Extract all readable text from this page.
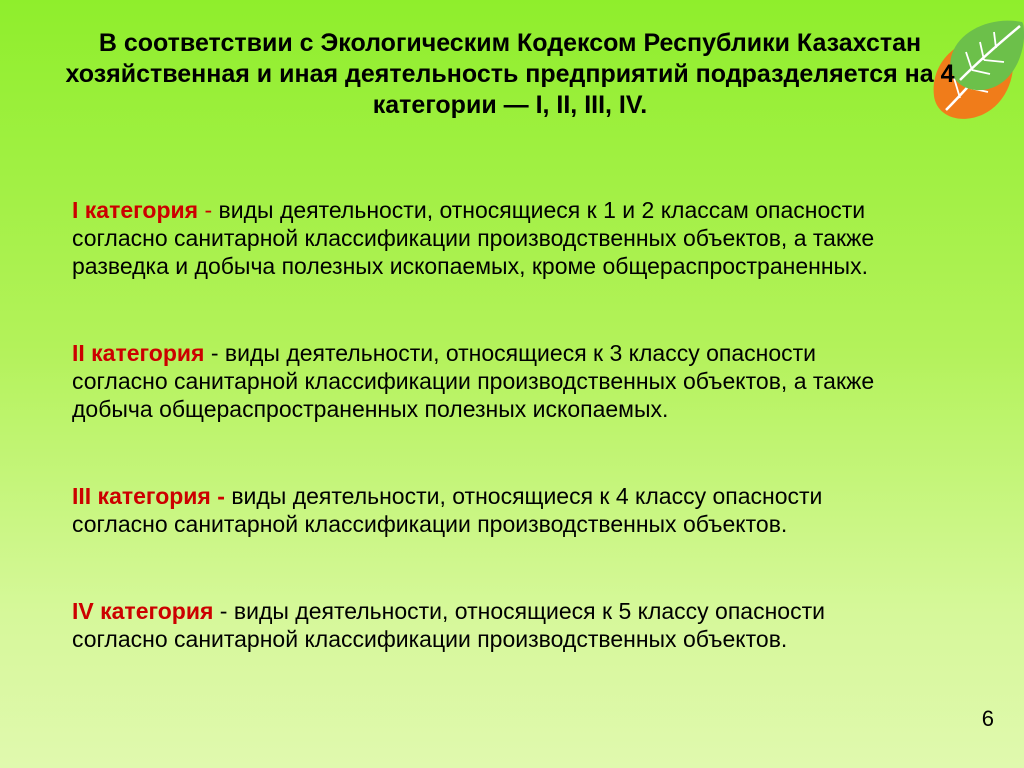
В соответствии с Экологическим Кодексом Республики Казахстан хозяйственная и иная деятельность предприятий подразделяется на 4 категории — I, II, III, IV.

I категория - виды деятельности, относящиеся к 1 и 2 классам опасности согласно санитарной классификации производственных объектов, а также разведка и добыча полезных ископаемых, кроме общераспространенных.

II категория - виды деятельности, относящиеся к 3 классу опасности согласно санитарной классификации производственных объектов, а также добыча общераспространенных полезных ископаемых.

III категория - виды деятельности, относящиеся к 4 классу опасности согласно санитарной классификации производственных объектов.

IV категория - виды деятельности, относящиеся к 5 классу опасности согласно санитарной классификации производственных объектов.

6
